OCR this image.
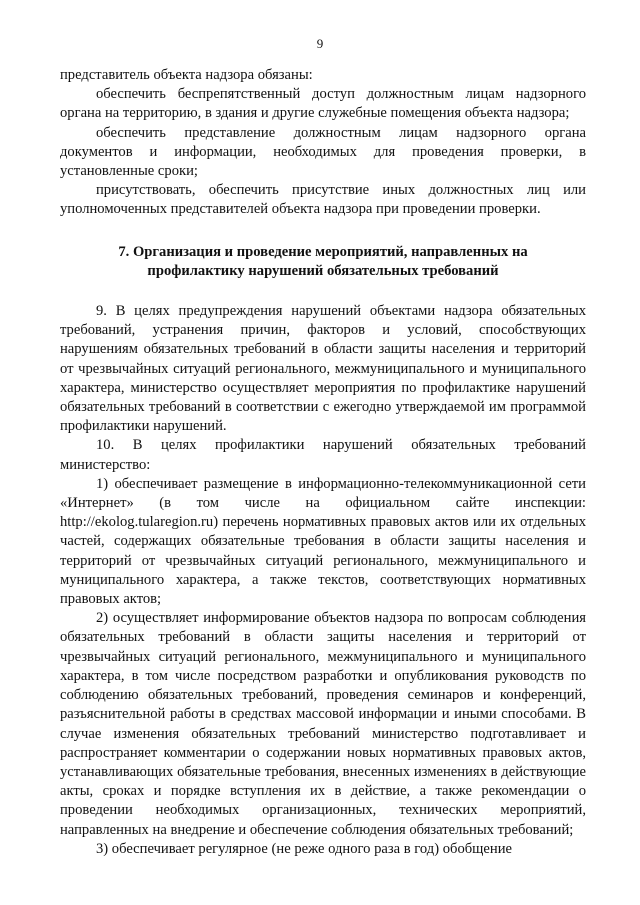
9

представитель объекта надзора обязаны:

обеспечить беспрепятственный доступ должностным лицам надзорного органа на территорию, в здания и другие служебные помещения объекта надзора;

обеспечить представление должностным лицам надзорного органа документов и информации, необходимых для проведения проверки, в установленные сроки;

присутствовать, обеспечить присутствие иных должностных лиц или уполномоченных представителей объекта надзора при проведении проверки.

7. Организация и проведение мероприятий, направленных на
профилактику нарушений обязательных требований

9. В целях предупреждения нарушений объектами надзора обязательных требований, устранения причин, факторов и условий, способствующих нарушениям обязательных требований в области защиты населения и территорий от чрезвычайных ситуаций регионального, межмуниципального и муниципального характера, министерство осуществляет мероприятия по профилактике нарушений обязательных требований в соответствии с ежегодно утверждаемой им программой профилактики нарушений.

10. В целях профилактики нарушений обязательных требований министерство:

1) обеспечивает размещение в информационно-телекоммуникационной сети «Интернет» (в том числе на официальном сайте инспекции: http://ekolog.tularegion.ru) перечень нормативных правовых актов или их отдельных частей, содержащих обязательные требования в области защиты населения и территорий от чрезвычайных ситуаций регионального, межмуниципального и муниципального характера, а также текстов, соответствующих нормативных правовых актов;

2) осуществляет информирование объектов надзора по вопросам соблюдения обязательных требований в области защиты населения и территорий от чрезвычайных ситуаций регионального, межмуниципального и муниципального характера, в том числе посредством разработки и опубликования руководств по соблюдению обязательных требований, проведения семинаров и конференций, разъяснительной работы в средствах массовой информации и иными способами. В случае изменения обязательных требований министерство подготавливает и распространяет комментарии о содержании новых нормативных правовых актов, устанавливающих обязательные требования, внесенных изменениях в действующие акты, сроках и порядке вступления их в действие, а также рекомендации о проведении необходимых организационных, технических мероприятий, направленных на внедрение и обеспечение соблюдения обязательных требований;

3) обеспечивает регулярное (не реже одного раза в год) обобщение
